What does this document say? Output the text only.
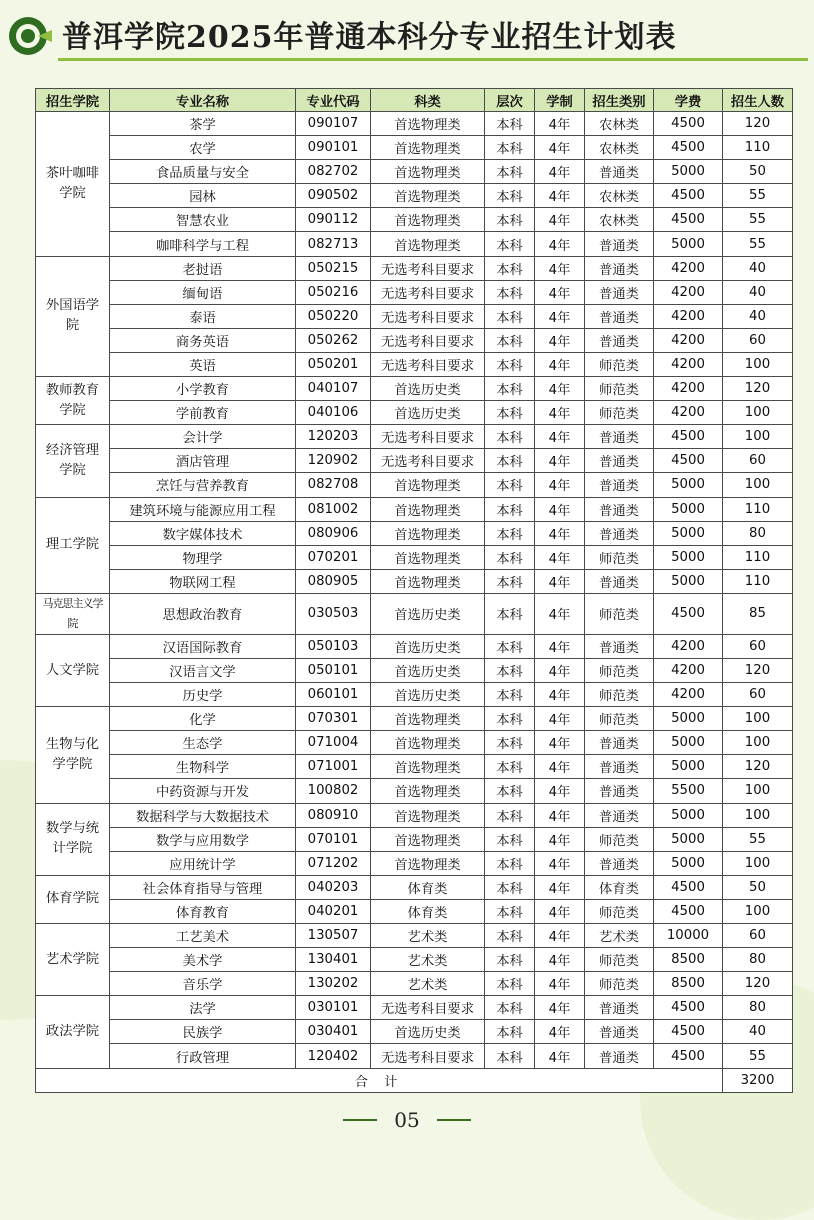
普洱学院2025年普通本科分专业招生计划表
招生学院	专业名称	专业代码	科类	层次	学制	招生类别	学费	招生人数
茶叶咖啡学院	茶学	090107	首选物理类	本科	4年	农林类	4500	120
	农学	090101	首选物理类	本科	4年	农林类	4500	110
	食品质量与安全	082702	首选物理类	本科	4年	普通类	5000	50
	园林	090502	首选物理类	本科	4年	农林类	4500	55
	智慧农业	090112	首选物理类	本科	4年	农林类	4500	55
	咖啡科学与工程	082713	首选物理类	本科	4年	普通类	5000	55
外国语学院	老挝语	050215	无选考科目要求	本科	4年	普通类	4200	40
	缅甸语	050216	无选考科目要求	本科	4年	普通类	4200	40
	泰语	050220	无选考科目要求	本科	4年	普通类	4200	40
	商务英语	050262	无选考科目要求	本科	4年	普通类	4200	60
	英语	050201	无选考科目要求	本科	4年	师范类	4200	100
教师教育学院	小学教育	040107	首选历史类	本科	4年	师范类	4200	120
	学前教育	040106	首选历史类	本科	4年	师范类	4200	100
经济管理学院	会计学	120203	无选考科目要求	本科	4年	普通类	4500	100
	酒店管理	120902	无选考科目要求	本科	4年	普通类	4500	60
	烹饪与营养教育	082708	首选物理类	本科	4年	普通类	5000	100
理工学院	建筑环境与能源应用工程	081002	首选物理类	本科	4年	普通类	5000	110
	数字媒体技术	080906	首选物理类	本科	4年	普通类	5000	80
	物理学	070201	首选物理类	本科	4年	师范类	5000	110
	物联网工程	080905	首选物理类	本科	4年	普通类	5000	110
马克思主义学院	思想政治教育	030503	首选历史类	本科	4年	师范类	4500	85
人文学院	汉语国际教育	050103	首选历史类	本科	4年	普通类	4200	60
	汉语言文学	050101	首选历史类	本科	4年	师范类	4200	120
	历史学	060101	首选历史类	本科	4年	师范类	4200	60
生物与化学学院	化学	070301	首选物理类	本科	4年	师范类	5000	100
	生态学	071004	首选物理类	本科	4年	普通类	5000	100
	生物科学	071001	首选物理类	本科	4年	普通类	5000	120
	中药资源与开发	100802	首选物理类	本科	4年	普通类	5500	100
数学与统计学院	数据科学与大数据技术	080910	首选物理类	本科	4年	普通类	5000	100
	数学与应用数学	070101	首选物理类	本科	4年	师范类	5000	55
	应用统计学	071202	首选物理类	本科	4年	普通类	5000	100
体育学院	社会体育指导与管理	040203	体育类	本科	4年	体育类	4500	50
	体育教育	040201	体育类	本科	4年	师范类	4500	100
艺术学院	工艺美术	130507	艺术类	本科	4年	艺术类	10000	60
	美术学	130401	艺术类	本科	4年	师范类	8500	80
	音乐学	130202	艺术类	本科	4年	师范类	8500	120
政法学院	法学	030101	无选考科目要求	本科	4年	普通类	4500	80
	民族学	030401	首选历史类	本科	4年	普通类	4500	40
	行政管理	120402	无选考科目要求	本科	4年	普通类	4500	55
合 计								3200
05
